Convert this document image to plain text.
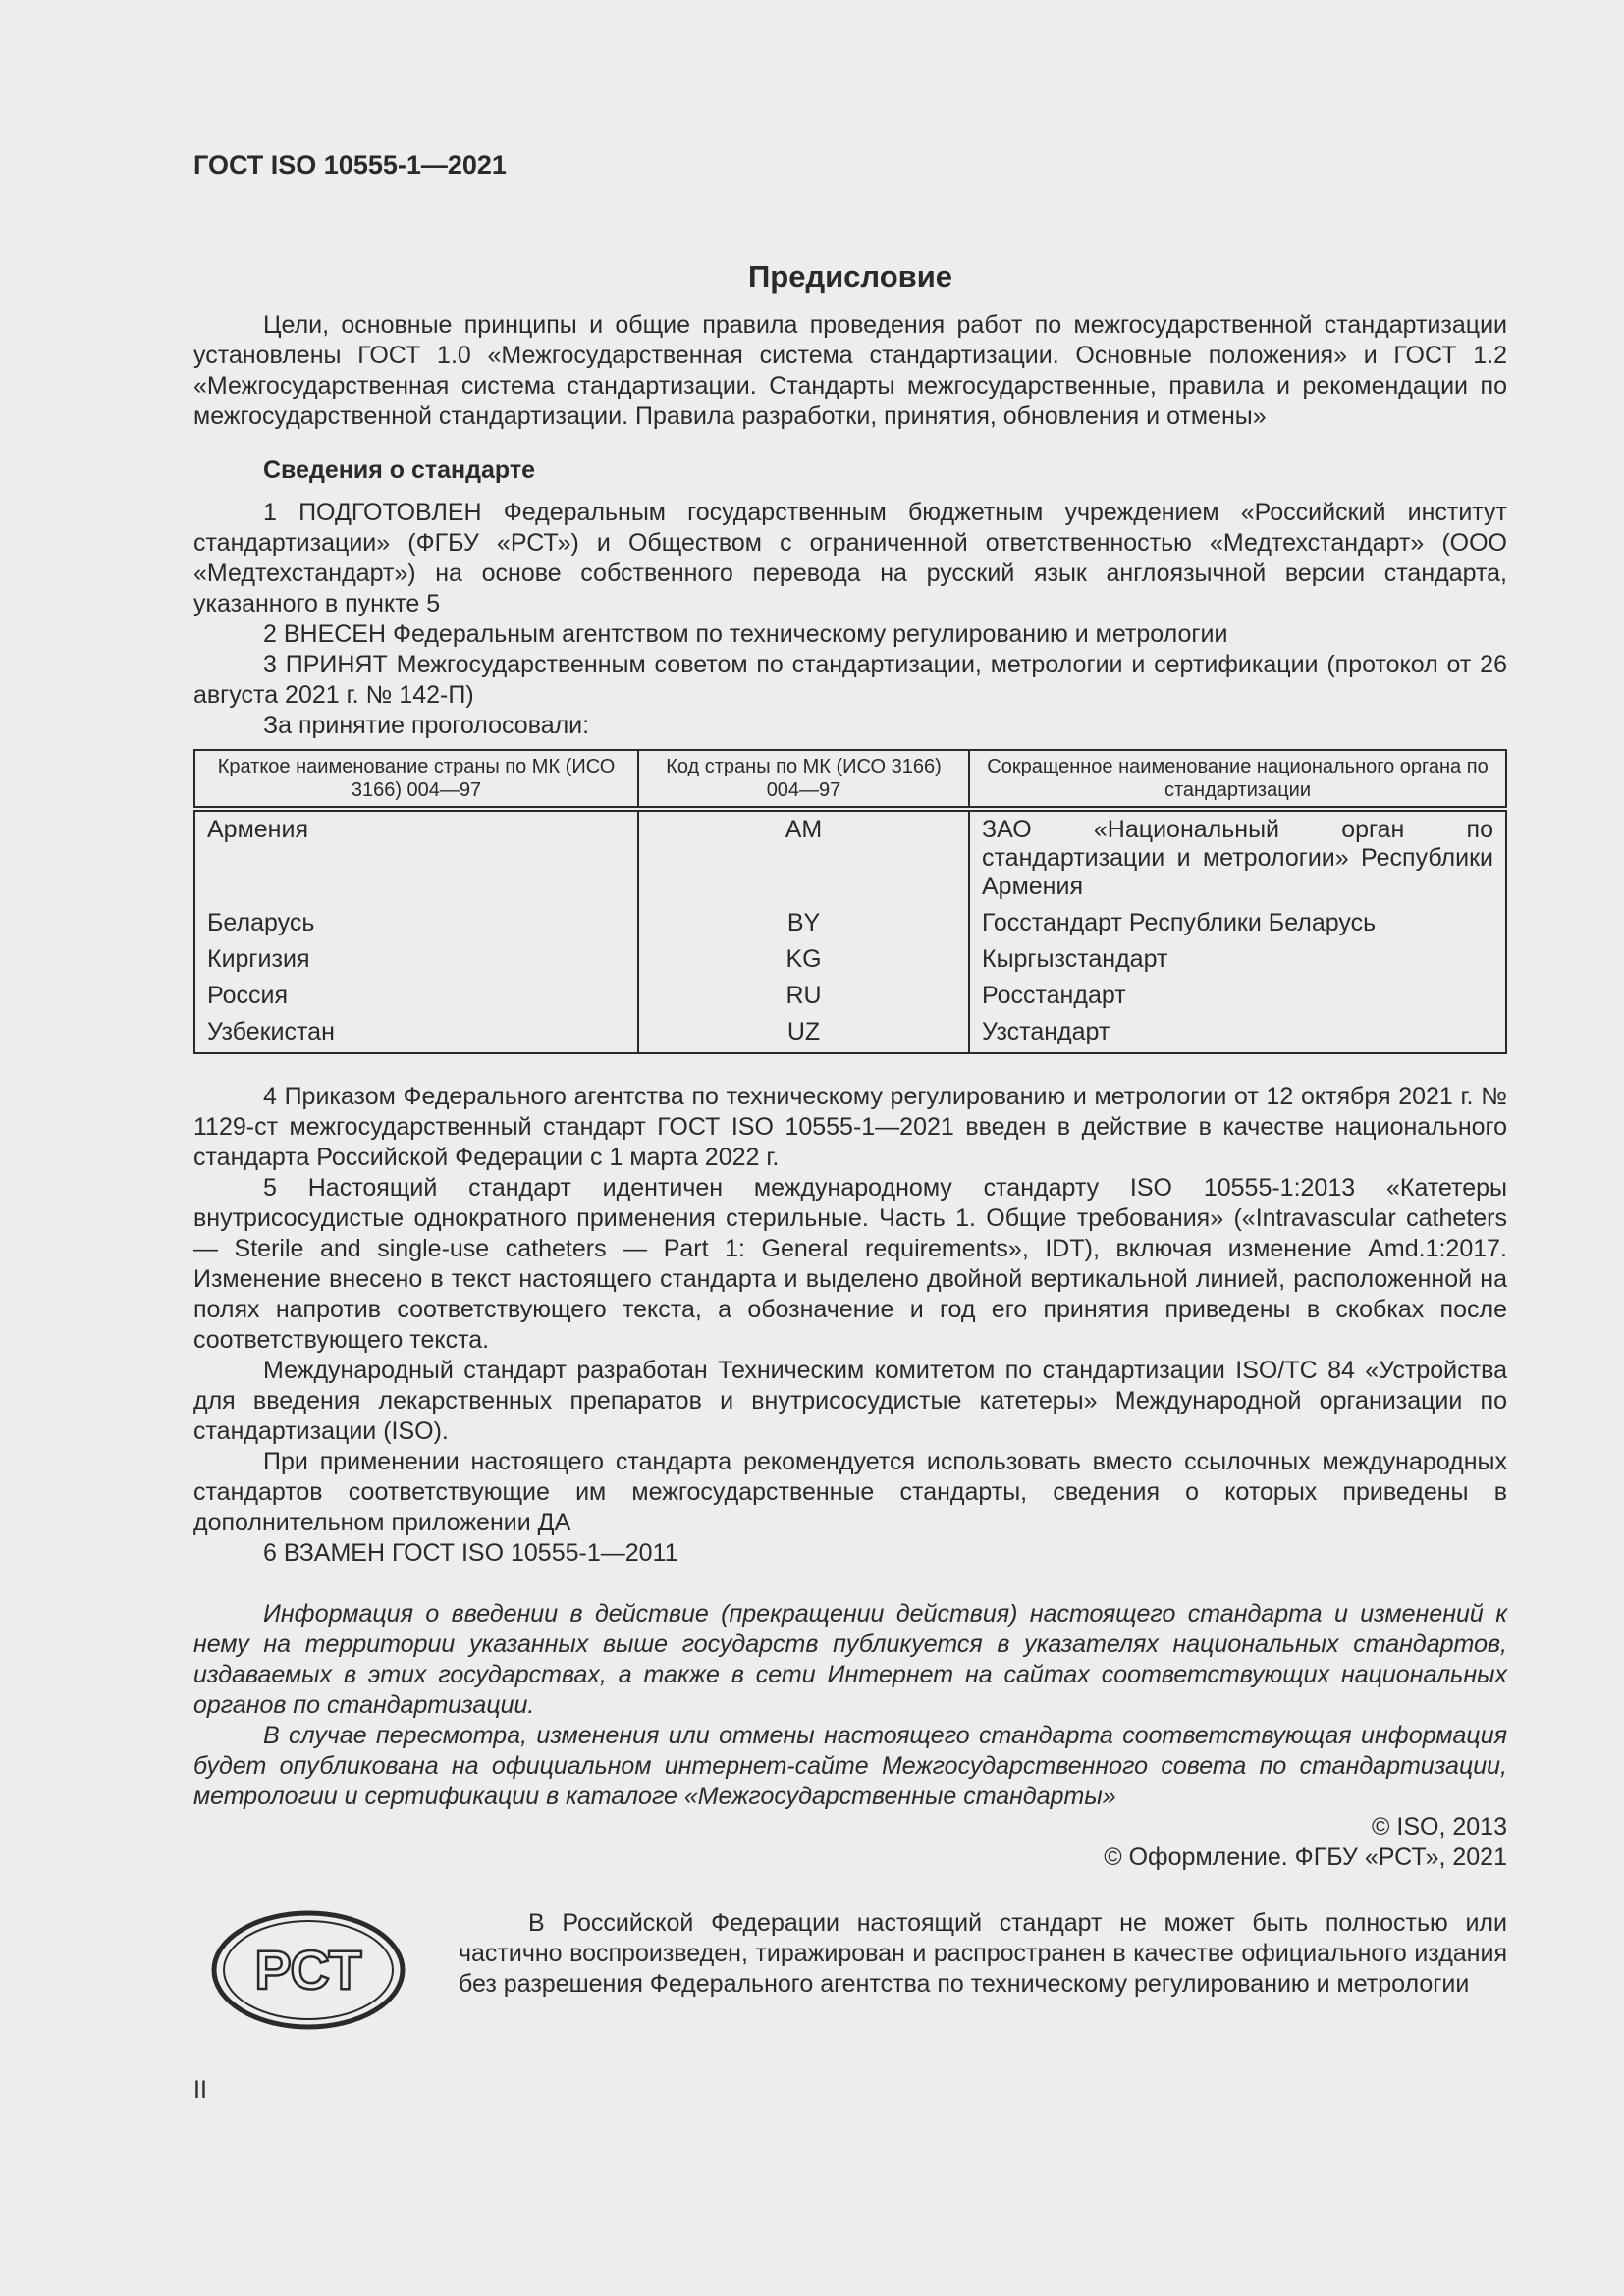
ГОСТ ISO 10555-1—2021
Предисловие

Цели, основные принципы и общие правила проведения работ по межгосударственной стандартизации установлены ГОСТ 1.0 «Межгосударственная система стандартизации. Основные положения» и ГОСТ 1.2 «Межгосударственная система стандартизации. Стандарты межгосударственные, правила и рекомендации по межгосударственной стандартизации. Правила разработки, принятия, обновления и отмены»

Сведения о стандарте

1 ПОДГОТОВЛЕН Федеральным государственным бюджетным учреждением «Российский институт стандартизации» (ФГБУ «РСТ») и Обществом с ограниченной ответственностью «Медтехстандарт» (ООО «Медтехстандарт») на основе собственного перевода на русский язык англоязычной версии стандарта, указанного в пункте 5

2 ВНЕСЕН Федеральным агентством по техническому регулированию и метрологии

3 ПРИНЯТ Межгосударственным советом по стандартизации, метрологии и сертификации (протокол от 26 августа 2021 г. № 142-П)

За принятие проголосовали:

Краткое наименование страны по МК (ИСО 3166) 004—97	Код страны по МК (ИСО 3166) 004—97	Сокращенное наименование национального органа по стандартизации
Армения	AM	ЗАО «Национальный орган по стандартизации и метрологии» Республики Армения
Беларусь	BY	Госстандарт Республики Беларусь
Киргизия	KG	Кыргызстандарт
Россия	RU	Росстандарт
Узбекистан	UZ	Узстандарт

4 Приказом Федерального агентства по техническому регулированию и метрологии от 12 октября 2021 г. № 1129-ст межгосударственный стандарт ГОСТ ISO 10555-1—2021 введен в действие в качестве национального стандарта Российской Федерации с 1 марта 2022 г.

5 Настоящий стандарт идентичен международному стандарту ISO 10555-1:2013 «Катетеры внутрисосудистые однократного применения стерильные. Часть 1. Общие требования» («Intravascular catheters — Sterile and single-use catheters — Part 1: General requirements», IDT), включая изменение Amd.1:2017. Изменение внесено в текст настоящего стандарта и выделено двойной вертикальной линией, расположенной на полях напротив соответствующего текста, а обозначение и год его принятия приведены в скобках после соответствующего текста.

Международный стандарт разработан Техническим комитетом по стандартизации ISO/TC 84 «Устройства для введения лекарственных препаратов и внутрисосудистые катетеры» Международной организации по стандартизации (ISO).

При применении настоящего стандарта рекомендуется использовать вместо ссылочных международных стандартов соответствующие им межгосударственные стандарты, сведения о которых приведены в дополнительном приложении ДА

6 ВЗАМЕН ГОСТ ISO 10555-1—2011

Информация о введении в действие (прекращении действия) настоящего стандарта и изменений к нему на территории указанных выше государств публикуется в указателях национальных стандартов, издаваемых в этих государствах, а также в сети Интернет на сайтах соответствующих национальных органов по стандартизации.

В случае пересмотра, изменения или отмены настоящего стандарта соответствующая информация будет опубликована на официальном интернет-сайте Межгосударственного совета по стандартизации, метрологии и сертификации в каталоге «Межгосударственные стандарты»

© ISO, 2013

© Оформление. ФГБУ «РСТ», 2021

РСТ

В Российской Федерации настоящий стандарт не может быть полностью или частично воспроизведен, тиражирован и распространен в качестве официального издания без разрешения Федерального агентства по техническому регулированию и метрологии

II
